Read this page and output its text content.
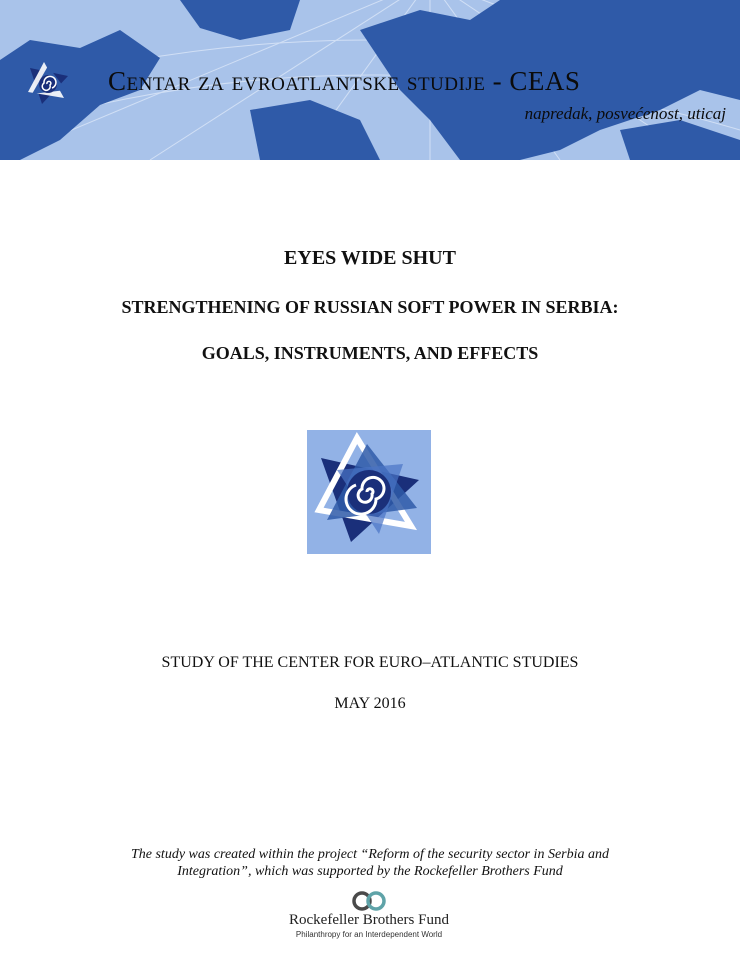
Centar za evroatlantske studije - CEAS
napredak, posvećenost, uticaj
EYES WIDE SHUT
STRENGTHENING OF RUSSIAN SOFT POWER IN SERBIA:
GOALS, INSTRUMENTS, AND EFFECTS
STUDY OF THE CENTER FOR EURO–ATLANTIC STUDIES
MAY 2016
The study was created within the project “Reform of the security sector in Serbia and
Integration”, which was supported by the Rockefeller Brothers Fund
Rockefeller Brothers Fund
Philanthropy for an Interdependent World
